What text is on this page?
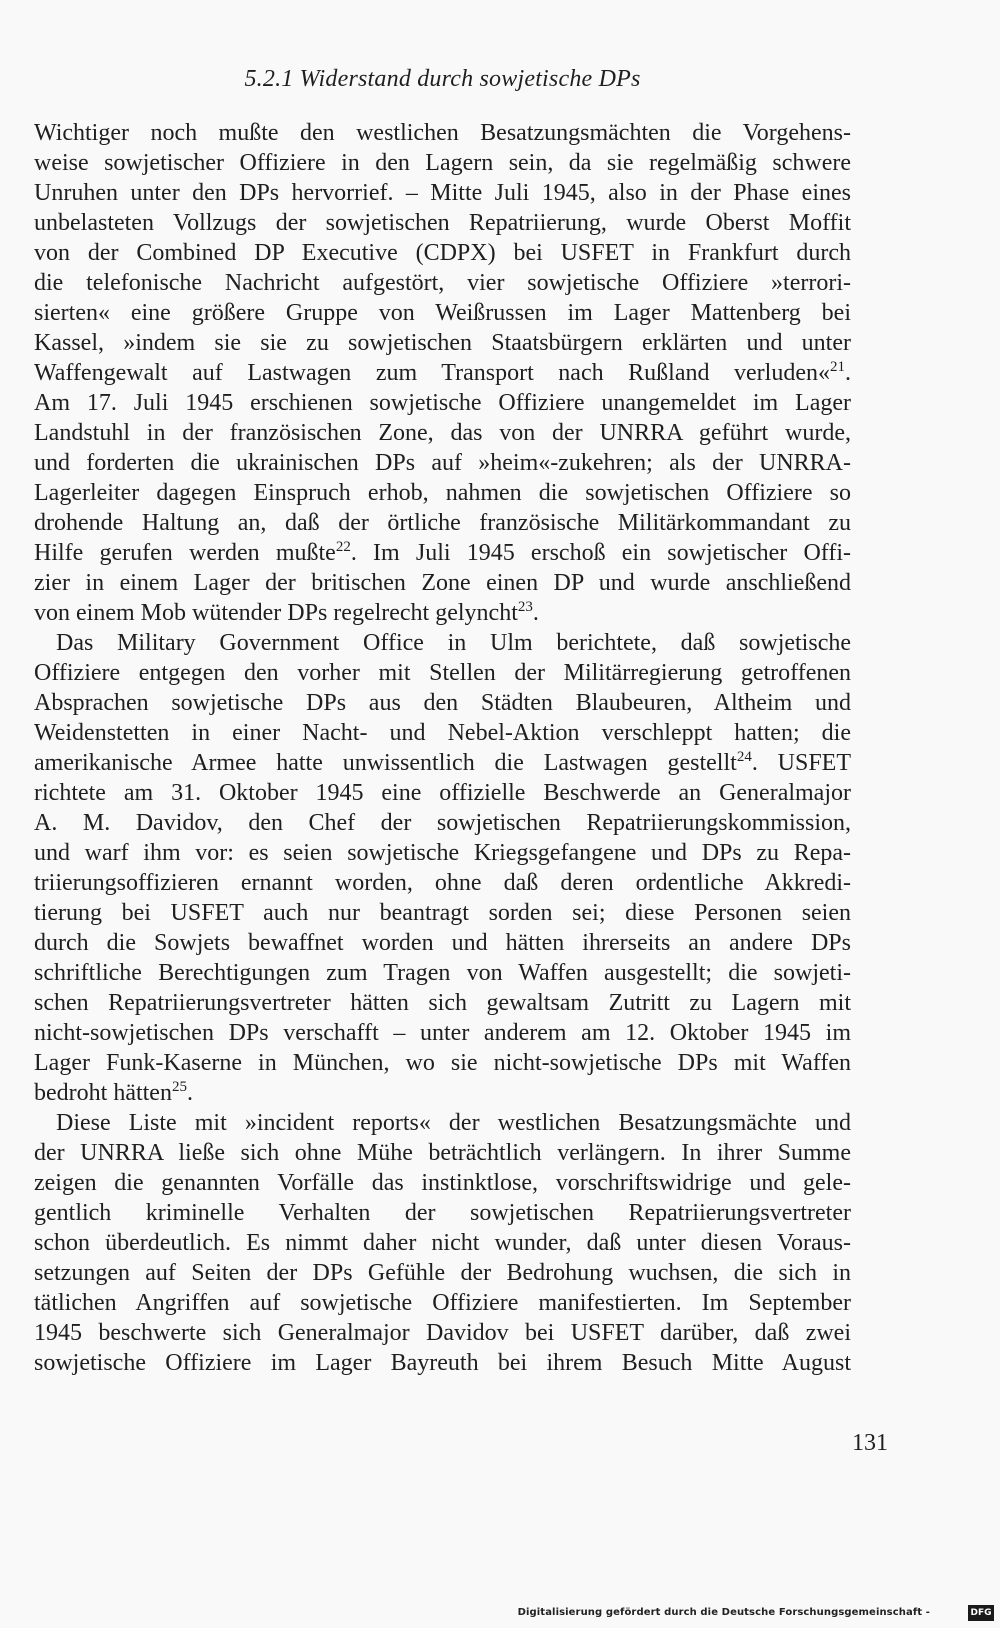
5.2.1 Widerstand durch sowjetische DPs
Wichtiger noch mußte den westlichen Besatzungsmächten die Vorgehens-
weise sowjetischer Offiziere in den Lagern sein, da sie regelmäßig schwere
Unruhen unter den DPs hervorrief. – Mitte Juli 1945, also in der Phase eines
unbelasteten Vollzugs der sowjetischen Repatriierung, wurde Oberst Moffit
von der Combined DP Executive (CDPX) bei USFET in Frankfurt durch
die telefonische Nachricht aufgestört, vier sowjetische Offiziere »terrori-
sierten« eine größere Gruppe von Weißrussen im Lager Mattenberg bei
Kassel, »indem sie sie zu sowjetischen Staatsbürgern erklärten und unter
Waffengewalt auf Lastwagen zum Transport nach Rußland verluden«$^{21}$.
Am 17. Juli 1945 erschienen sowjetische Offiziere unangemeldet im Lager
Landstuhl in der französischen Zone, das von der UNRRA geführt wurde,
und forderten die ukrainischen DPs auf »heim«-zukehren; als der UNRRA-
Lagerleiter dagegen Einspruch erhob, nahmen die sowjetischen Offiziere so
drohende Haltung an, daß der örtliche französische Militärkommandant zu
Hilfe gerufen werden mußte$^{22}$. Im Juli 1945 erschoß ein sowjetischer Offi-
zier in einem Lager der britischen Zone einen DP und wurde anschließend
von einem Mob wütender DPs regelrecht gelyncht$^{23}$.
Das Military Government Office in Ulm berichtete, daß sowjetische
Offiziere entgegen den vorher mit Stellen der Militärregierung getroffenen
Absprachen sowjetische DPs aus den Städten Blaubeuren, Altheim und
Weidenstetten in einer Nacht- und Nebel-Aktion verschleppt hatten; die
amerikanische Armee hatte unwissentlich die Lastwagen gestellt$^{24}$. USFET
richtete am 31. Oktober 1945 eine offizielle Beschwerde an Generalmajor
A. M. Davidov, den Chef der sowjetischen Repatriierungskommission,
und warf ihm vor: es seien sowjetische Kriegsgefangene und DPs zu Repa-
triierungsoffizieren ernannt worden, ohne daß deren ordentliche Akkredi-
tierung bei USFET auch nur beantragt sorden sei; diese Personen seien
durch die Sowjets bewaffnet worden und hätten ihrerseits an andere DPs
schriftliche Berechtigungen zum Tragen von Waffen ausgestellt; die sowjeti-
schen Repatriierungsvertreter hätten sich gewaltsam Zutritt zu Lagern mit
nicht-sowjetischen DPs verschafft – unter anderem am 12. Oktober 1945 im
Lager Funk-Kaserne in München, wo sie nicht-sowjetische DPs mit Waffen
bedroht hätten$^{25}$.
Diese Liste mit »incident reports« der westlichen Besatzungsmächte und
der UNRRA ließe sich ohne Mühe beträchtlich verlängern. In ihrer Summe
zeigen die genannten Vorfälle das instinktlose, vorschriftswidrige und gele-
gentlich kriminelle Verhalten der sowjetischen Repatriierungsvertreter
schon überdeutlich. Es nimmt daher nicht wunder, daß unter diesen Voraus-
setzungen auf Seiten der DPs Gefühle der Bedrohung wuchsen, die sich in
tätlichen Angriffen auf sowjetische Offiziere manifestierten. Im September
1945 beschwerte sich Generalmajor Davidov bei USFET darüber, daß zwei
sowjetische Offiziere im Lager Bayreuth bei ihrem Besuch Mitte August
131
Digitalisierung gefördert durch die Deutsche Forschungsgemeinschaft -	DFG
